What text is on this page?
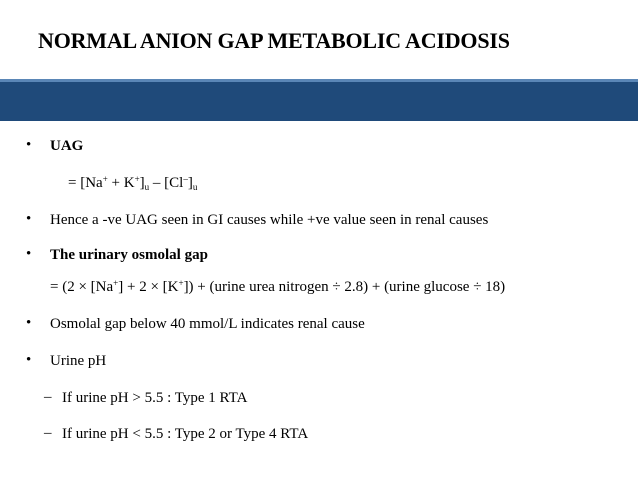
NORMAL ANION GAP METABOLIC ACIDOSIS
• UAG
= $[Na^+ + K^+]_u - [Cl^-]_u$
• Hence a -ve UAG seen in GI causes while +ve value seen in renal causes
• The urinary osmolal gap
= (2 × [Na+] + 2 × [K+]) + (urine urea nitrogen ÷ 2.8) + (urine glucose ÷ 18)
• Osmolal gap below 40 mmol/L indicates renal cause
• Urine pH
– If urine pH > 5.5 : Type 1 RTA
– If urine pH < 5.5 : Type 2 or Type 4 RTA
